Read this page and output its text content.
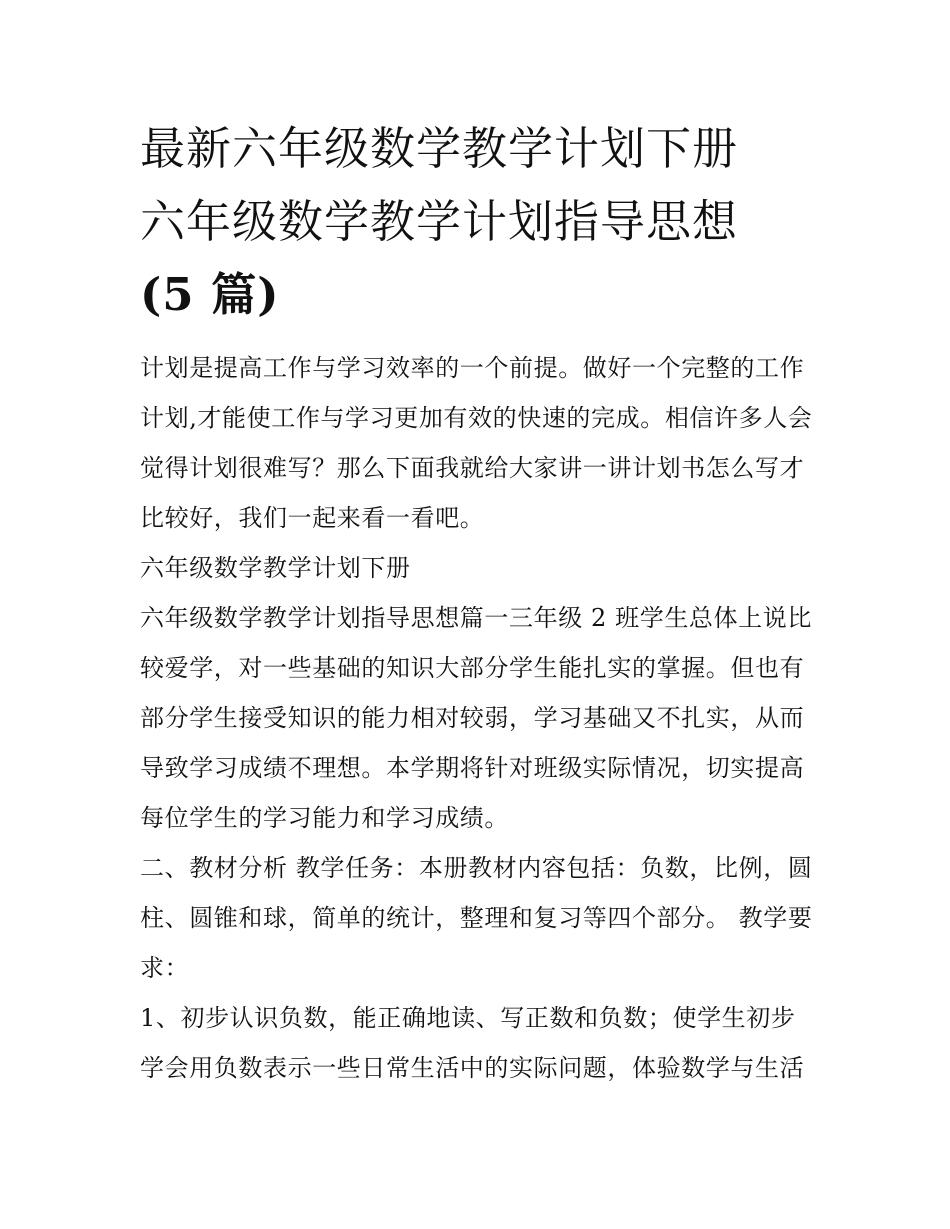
最新六年级数学教学计划下册
六年级数学教学计划指导思想
(5 篇)

计划是提高工作与学习效率的一个前提。做好一个完整的工作计划,才能使工作与学习更加有效的快速的完成。相信许多人会觉得计划很难写？那么下面我就给大家讲一讲计划书怎么写才比较好，我们一起来看一看吧。

六年级数学教学计划下册

六年级数学教学计划指导思想篇一三年级 2 班学生总体上说比较爱学，对一些基础的知识大部分学生能扎实的掌握。但也有部分学生接受知识的能力相对较弱，学习基础又不扎实，从而导致学习成绩不理想。本学期将针对班级实际情况，切实提高每位学生的学习能力和学习成绩。

二、教材分析 教学任务：本册教材内容包括：负数，比例，圆柱、圆锥和球，简单的统计，整理和复习等四个部分。 教学要求：

1、初步认识负数，能正确地读、写正数和负数；使学生初步学会用负数表示一些日常生活中的实际问题，体验数学与生活
